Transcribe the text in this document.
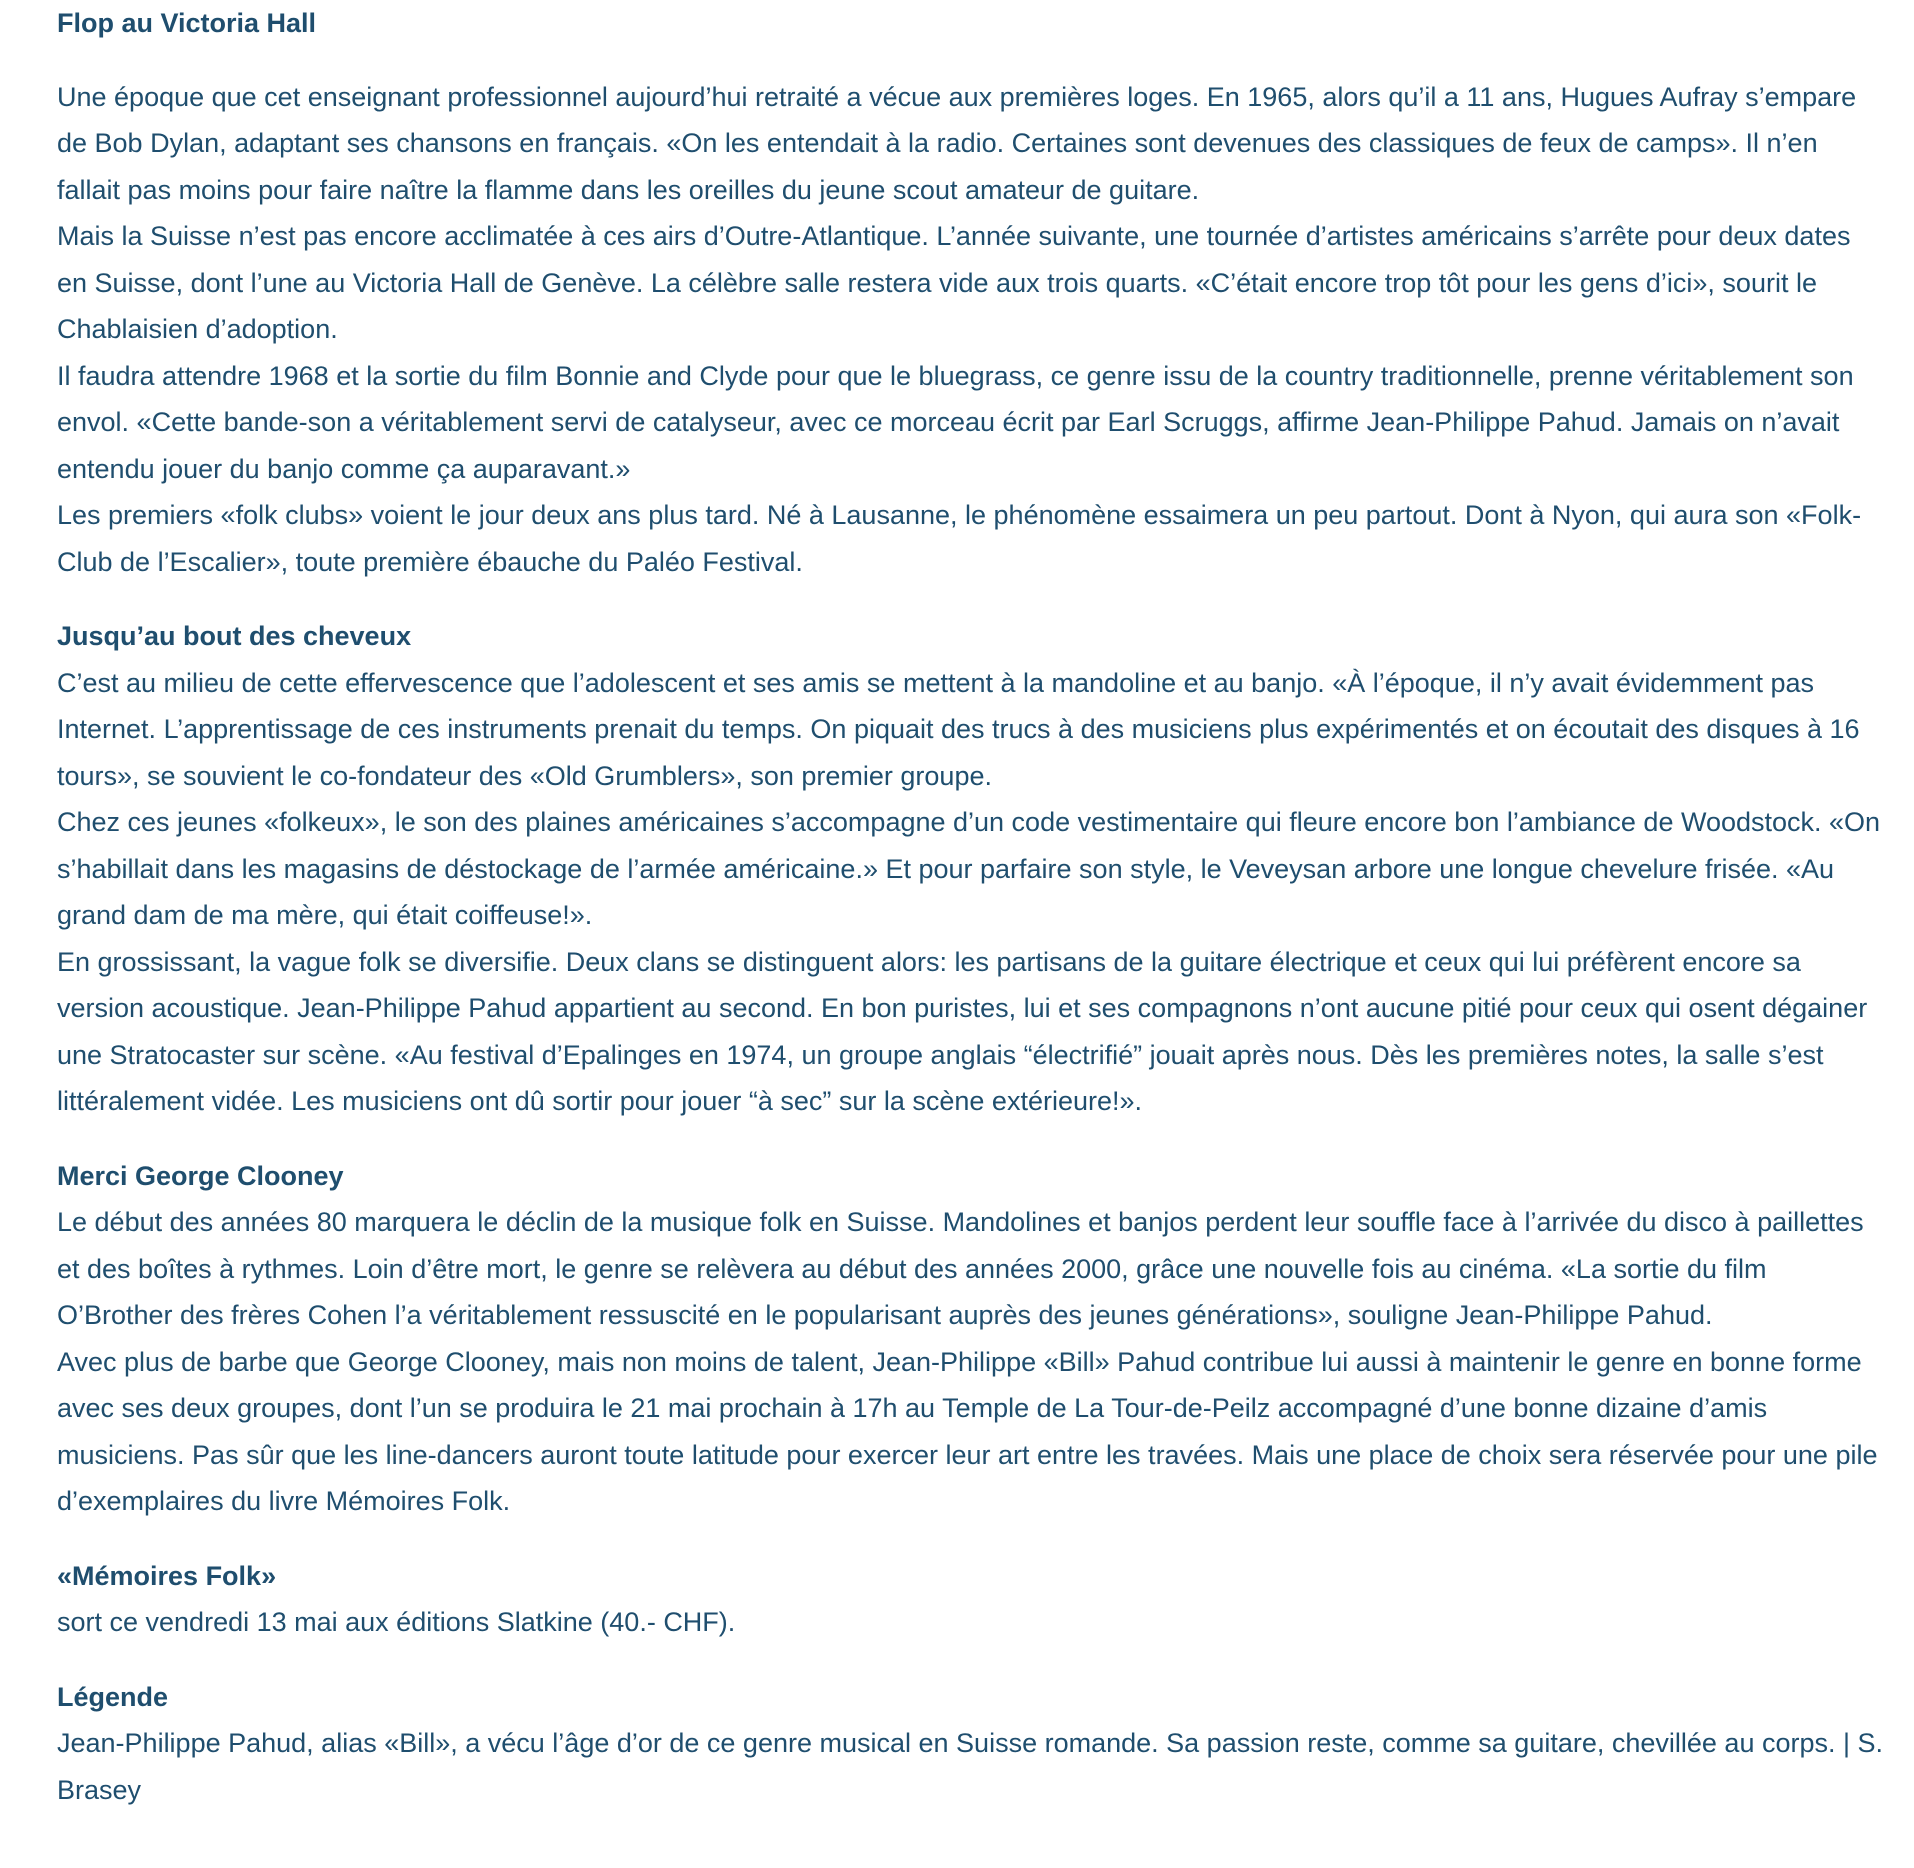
Flop au Victoria Hall

Une époque que cet enseignant professionnel aujourd’hui retraité a vécue aux premières loges. En 1965, alors qu’il a 11 ans, Hugues Aufray s’empare de Bob Dylan, adaptant ses chansons en français. «On les entendait à la radio. Certaines sont devenues des classiques de feux de camps». Il n’en fallait pas moins pour faire naître la flamme dans les oreilles du jeune scout amateur de guitare.

Mais la Suisse n’est pas encore acclimatée à ces airs d’Outre-Atlantique. L’année suivante, une tournée d’artistes américains s’arrête pour deux dates en Suisse, dont l’une au Victoria Hall de Genève. La célèbre salle restera vide aux trois quarts. «C’était encore trop tôt pour les gens d’ici», sourit le Chablaisien d’adoption.

Il faudra attendre 1968 et la sortie du film Bonnie and Clyde pour que le bluegrass, ce genre issu de la country traditionnelle, prenne véritablement son envol. «Cette bande-son a véritablement servi de catalyseur, avec ce morceau écrit par Earl Scruggs, affirme Jean-Philippe Pahud. Jamais on n’avait entendu jouer du banjo comme ça auparavant.»

Les premiers «folk clubs» voient le jour deux ans plus tard. Né à Lausanne, le phénomène essaimera un peu partout. Dont à Nyon, qui aura son «Folk-Club de l’Escalier», toute première ébauche du Paléo Festival.

Jusqu’au bout des cheveux

C’est au milieu de cette effervescence que l’adolescent et ses amis se mettent à la mandoline et au banjo. «À l’époque, il n’y avait évidemment pas Internet. L’apprentissage de ces instruments prenait du temps. On piquait des trucs à des musiciens plus expérimentés et on écoutait des disques à 16 tours», se souvient le co-fondateur des «Old Grumblers», son premier groupe.

Chez ces jeunes «folkeux», le son des plaines américaines s’accompagne d’un code vestimentaire qui fleure encore bon l’ambiance de Woodstock. «On s’habillait dans les magasins de déstockage de l’armée américaine.» Et pour parfaire son style, le Veveysan arbore une longue chevelure frisée. «Au grand dam de ma mère, qui était coiffeuse!».

En grossissant, la vague folk se diversifie. Deux clans se distinguent alors: les partisans de la guitare électrique et ceux qui lui préfèrent encore sa version acoustique. Jean-Philippe Pahud appartient au second. En bon puristes, lui et ses compagnons n’ont aucune pitié pour ceux qui osent dégainer une Stratocaster sur scène. «Au festival d’Epalinges en 1974, un groupe anglais “électrifié” jouait après nous. Dès les premières notes, la salle s’est littéralement vidée. Les musiciens ont dû sortir pour jouer “à sec” sur la scène extérieure!».

Merci George Clooney

Le début des années 80 marquera le déclin de la musique folk en Suisse. Mandolines et banjos perdent leur souffle face à l’arrivée du disco à paillettes et des boîtes à rythmes. Loin d’être mort, le genre se relèvera au début des années 2000, grâce une nouvelle fois au cinéma. «La sortie du film O’Brother des frères Cohen l’a véritablement ressuscité en le popularisant auprès des jeunes générations», souligne Jean-Philippe Pahud.

Avec plus de barbe que George Clooney, mais non moins de talent, Jean-Philippe «Bill» Pahud contribue lui aussi à maintenir le genre en bonne forme avec ses deux groupes, dont l’un se produira le 21 mai prochain à 17h au Temple de La Tour-de-Peilz accompagné d’une bonne dizaine d’amis musiciens. Pas sûr que les line-dancers auront toute latitude pour exercer leur art entre les travées. Mais une place de choix sera réservée pour une pile d’exemplaires du livre Mémoires Folk.

«Mémoires Folk»

sort ce vendredi 13 mai aux éditions Slatkine (40.- CHF).

Légende

Jean-Philippe Pahud, alias «Bill», a vécu l’âge d’or de ce genre musical en Suisse romande. Sa passion reste, comme sa guitare, chevillée au corps. | S. Brasey
